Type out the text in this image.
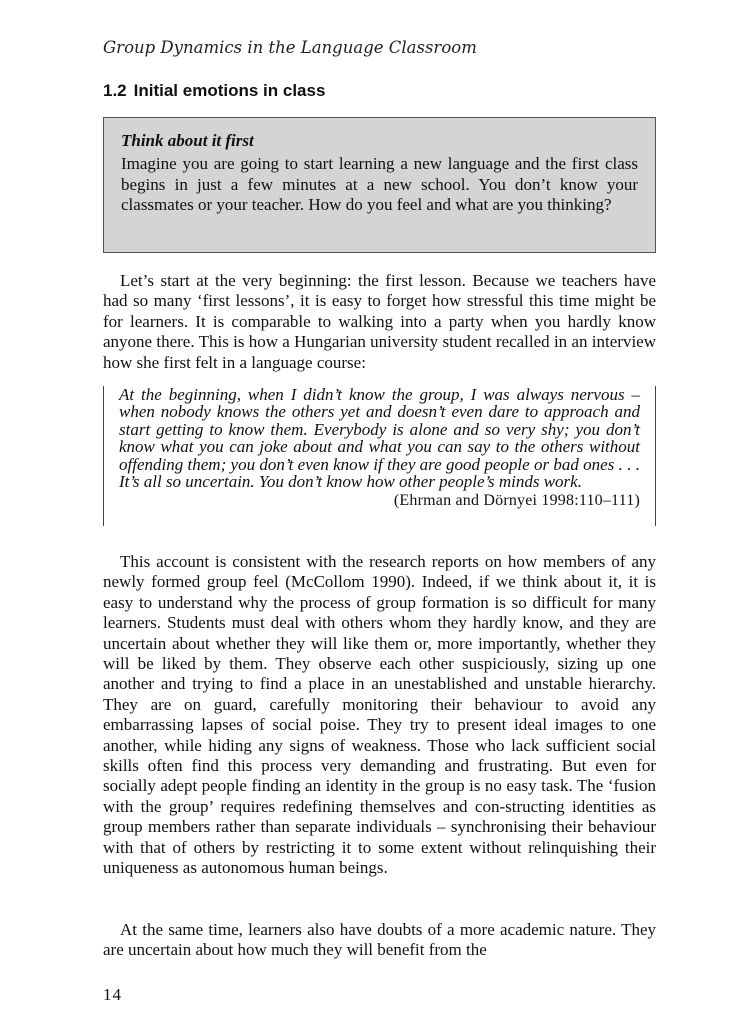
Group Dynamics in the Language Classroom
1.2 Initial emotions in class
Think about it first
Imagine you are going to start learning a new language and the first class begins in just a few minutes at a new school. You don’t know your classmates or your teacher. How do you feel and what are you thinking?

Let’s start at the very beginning: the first lesson. Because we teachers have had so many ‘first lessons’, it is easy to forget how stressful this time might be for learners. It is comparable to walking into a party when you hardly know anyone there. This is how a Hungarian university student recalled in an interview how she first felt in a language course:

At the beginning, when I didn’t know the group, I was always nervous – when nobody knows the others yet and doesn’t even dare to approach and start getting to know them. Everybody is alone and so very shy; you don’t know what you can joke about and what you can say to the others without offending them; you don’t even know if they are good people or bad ones . . . It’s all so uncertain. You don’t know how other people’s minds work.

(Ehrman and Dörnyei 1998:110–111)

This account is consistent with the research reports on how members of any newly formed group feel (McCollom 1990). Indeed, if we think about it, it is easy to understand why the process of group formation is so difficult for many learners. Students must deal with others whom they hardly know, and they are uncertain about whether they will like them or, more importantly, whether they will be liked by them. They observe each other suspiciously, sizing up one another and trying to find a place in an unestablished and unstable hierarchy. They are on guard, carefully monitoring their behaviour to avoid any embarrassing lapses of social poise. They try to present ideal images to one another, while hiding any signs of weakness. Those who lack sufficient social skills often find this process very demanding and frustrating. But even for socially adept people finding an identity in the group is no easy task. The ‘fusion with the group’ requires redefining themselves and con-structing identities as group members rather than separate individuals – synchronising their behaviour with that of others by restricting it to some extent without relinquishing their uniqueness as autonomous human beings.

At the same time, learners also have doubts of a more academic nature. They are uncertain about how much they will benefit from the

14
